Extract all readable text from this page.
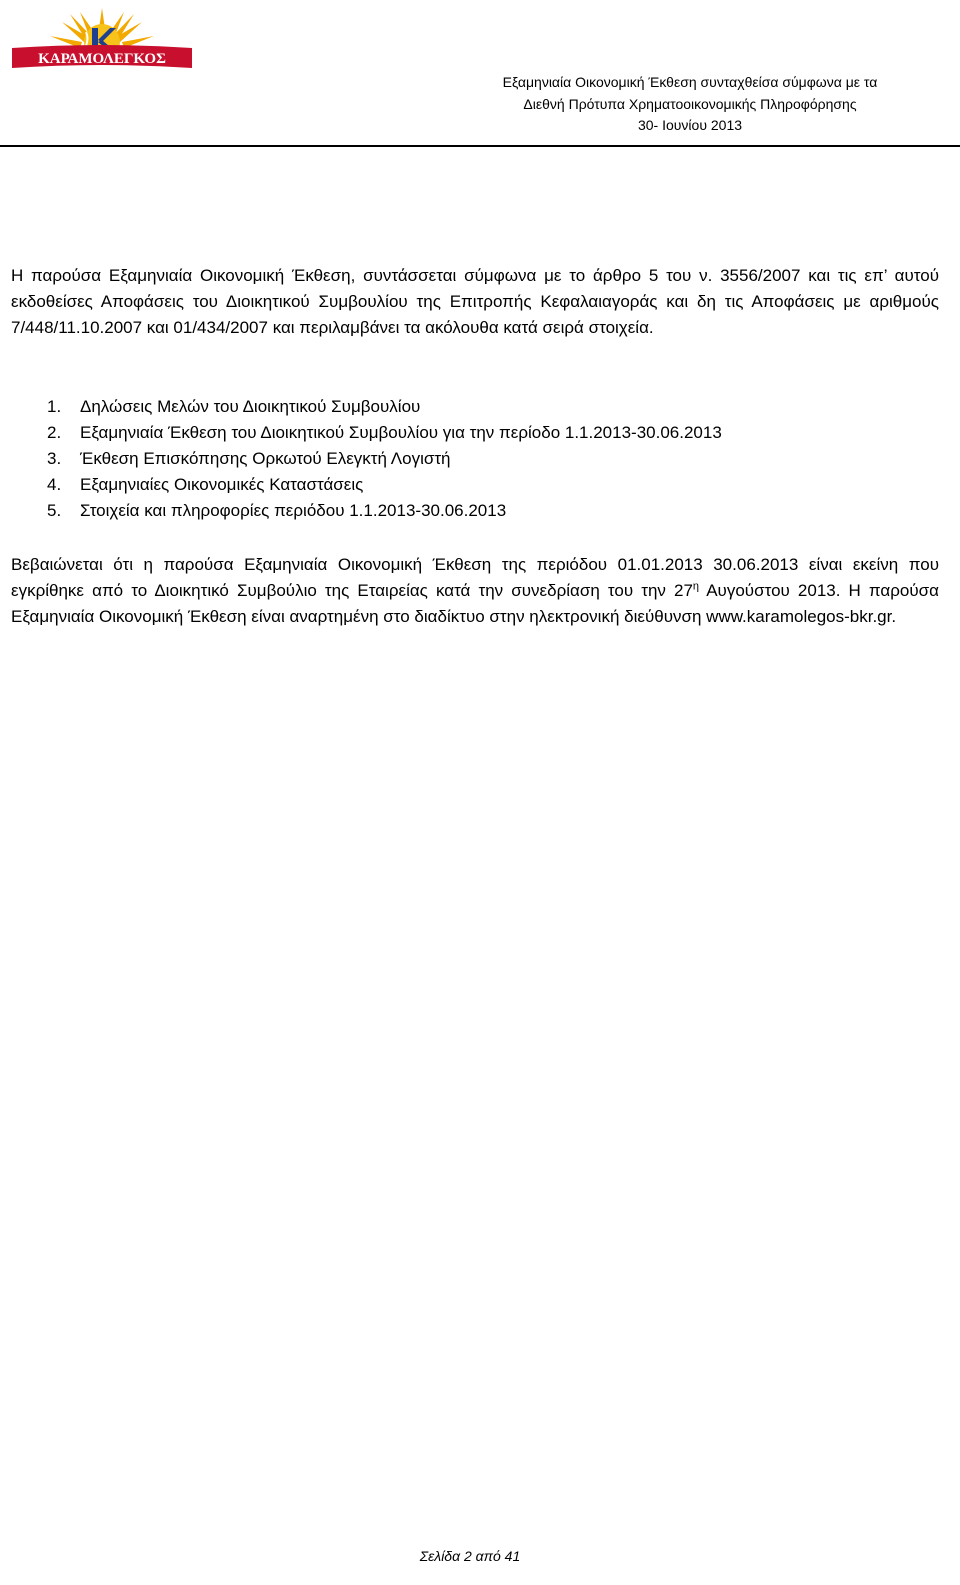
ΚΑΡΑΜΟΛΕΓΚΟΣ
Εξαμηνιαία Οικονομική Έκθεση συνταχθείσα σύμφωνα με τα
Διεθνή Πρότυπα Χρηματοοικονομικής Πληροφόρησης
30- Ιουνίου 2013

Η παρούσα Εξαμηνιαία Οικονομική Έκθεση, συντάσσεται σύμφωνα με το άρθρο 5 του ν. 3556/2007 και τις επ’ αυτού εκδοθείσες Αποφάσεις του Διοικητικού Συμβουλίου της Επιτροπής Κεφαλαιαγοράς και δη τις Αποφάσεις με αριθμούς 7/448/11.10.2007 και 01/434/2007 και περιλαμβάνει τα ακόλουθα κατά σειρά στοιχεία.

1. Δηλώσεις Μελών του Διοικητικού Συμβουλίου
2. Εξαμηνιαία Έκθεση του Διοικητικού Συμβουλίου για την περίοδο 1.1.2013-30.06.2013
3. Έκθεση Επισκόπησης Ορκωτού Ελεγκτή Λογιστή
4. Εξαμηνιαίες Οικονομικές Καταστάσεις
5. Στοιχεία και πληροφορίες περιόδου 1.1.2013-30.06.2013

Βεβαιώνεται ότι η παρούσα Εξαμηνιαία Οικονομική Έκθεση της περιόδου 01.01.2013 30.06.2013 είναι εκείνη που εγκρίθηκε από το Διοικητικό Συμβούλιο της Εταιρείας κατά την συνεδρίαση του την $27^\eta$ Αυγούστου 2013. Η παρούσα Εξαμηνιαία Οικονομική Έκθεση είναι αναρτημένη στο διαδίκτυο στην ηλεκτρονική διεύθυνση www.karamolegos-bkr.gr.

Σελίδα 2 από 41
